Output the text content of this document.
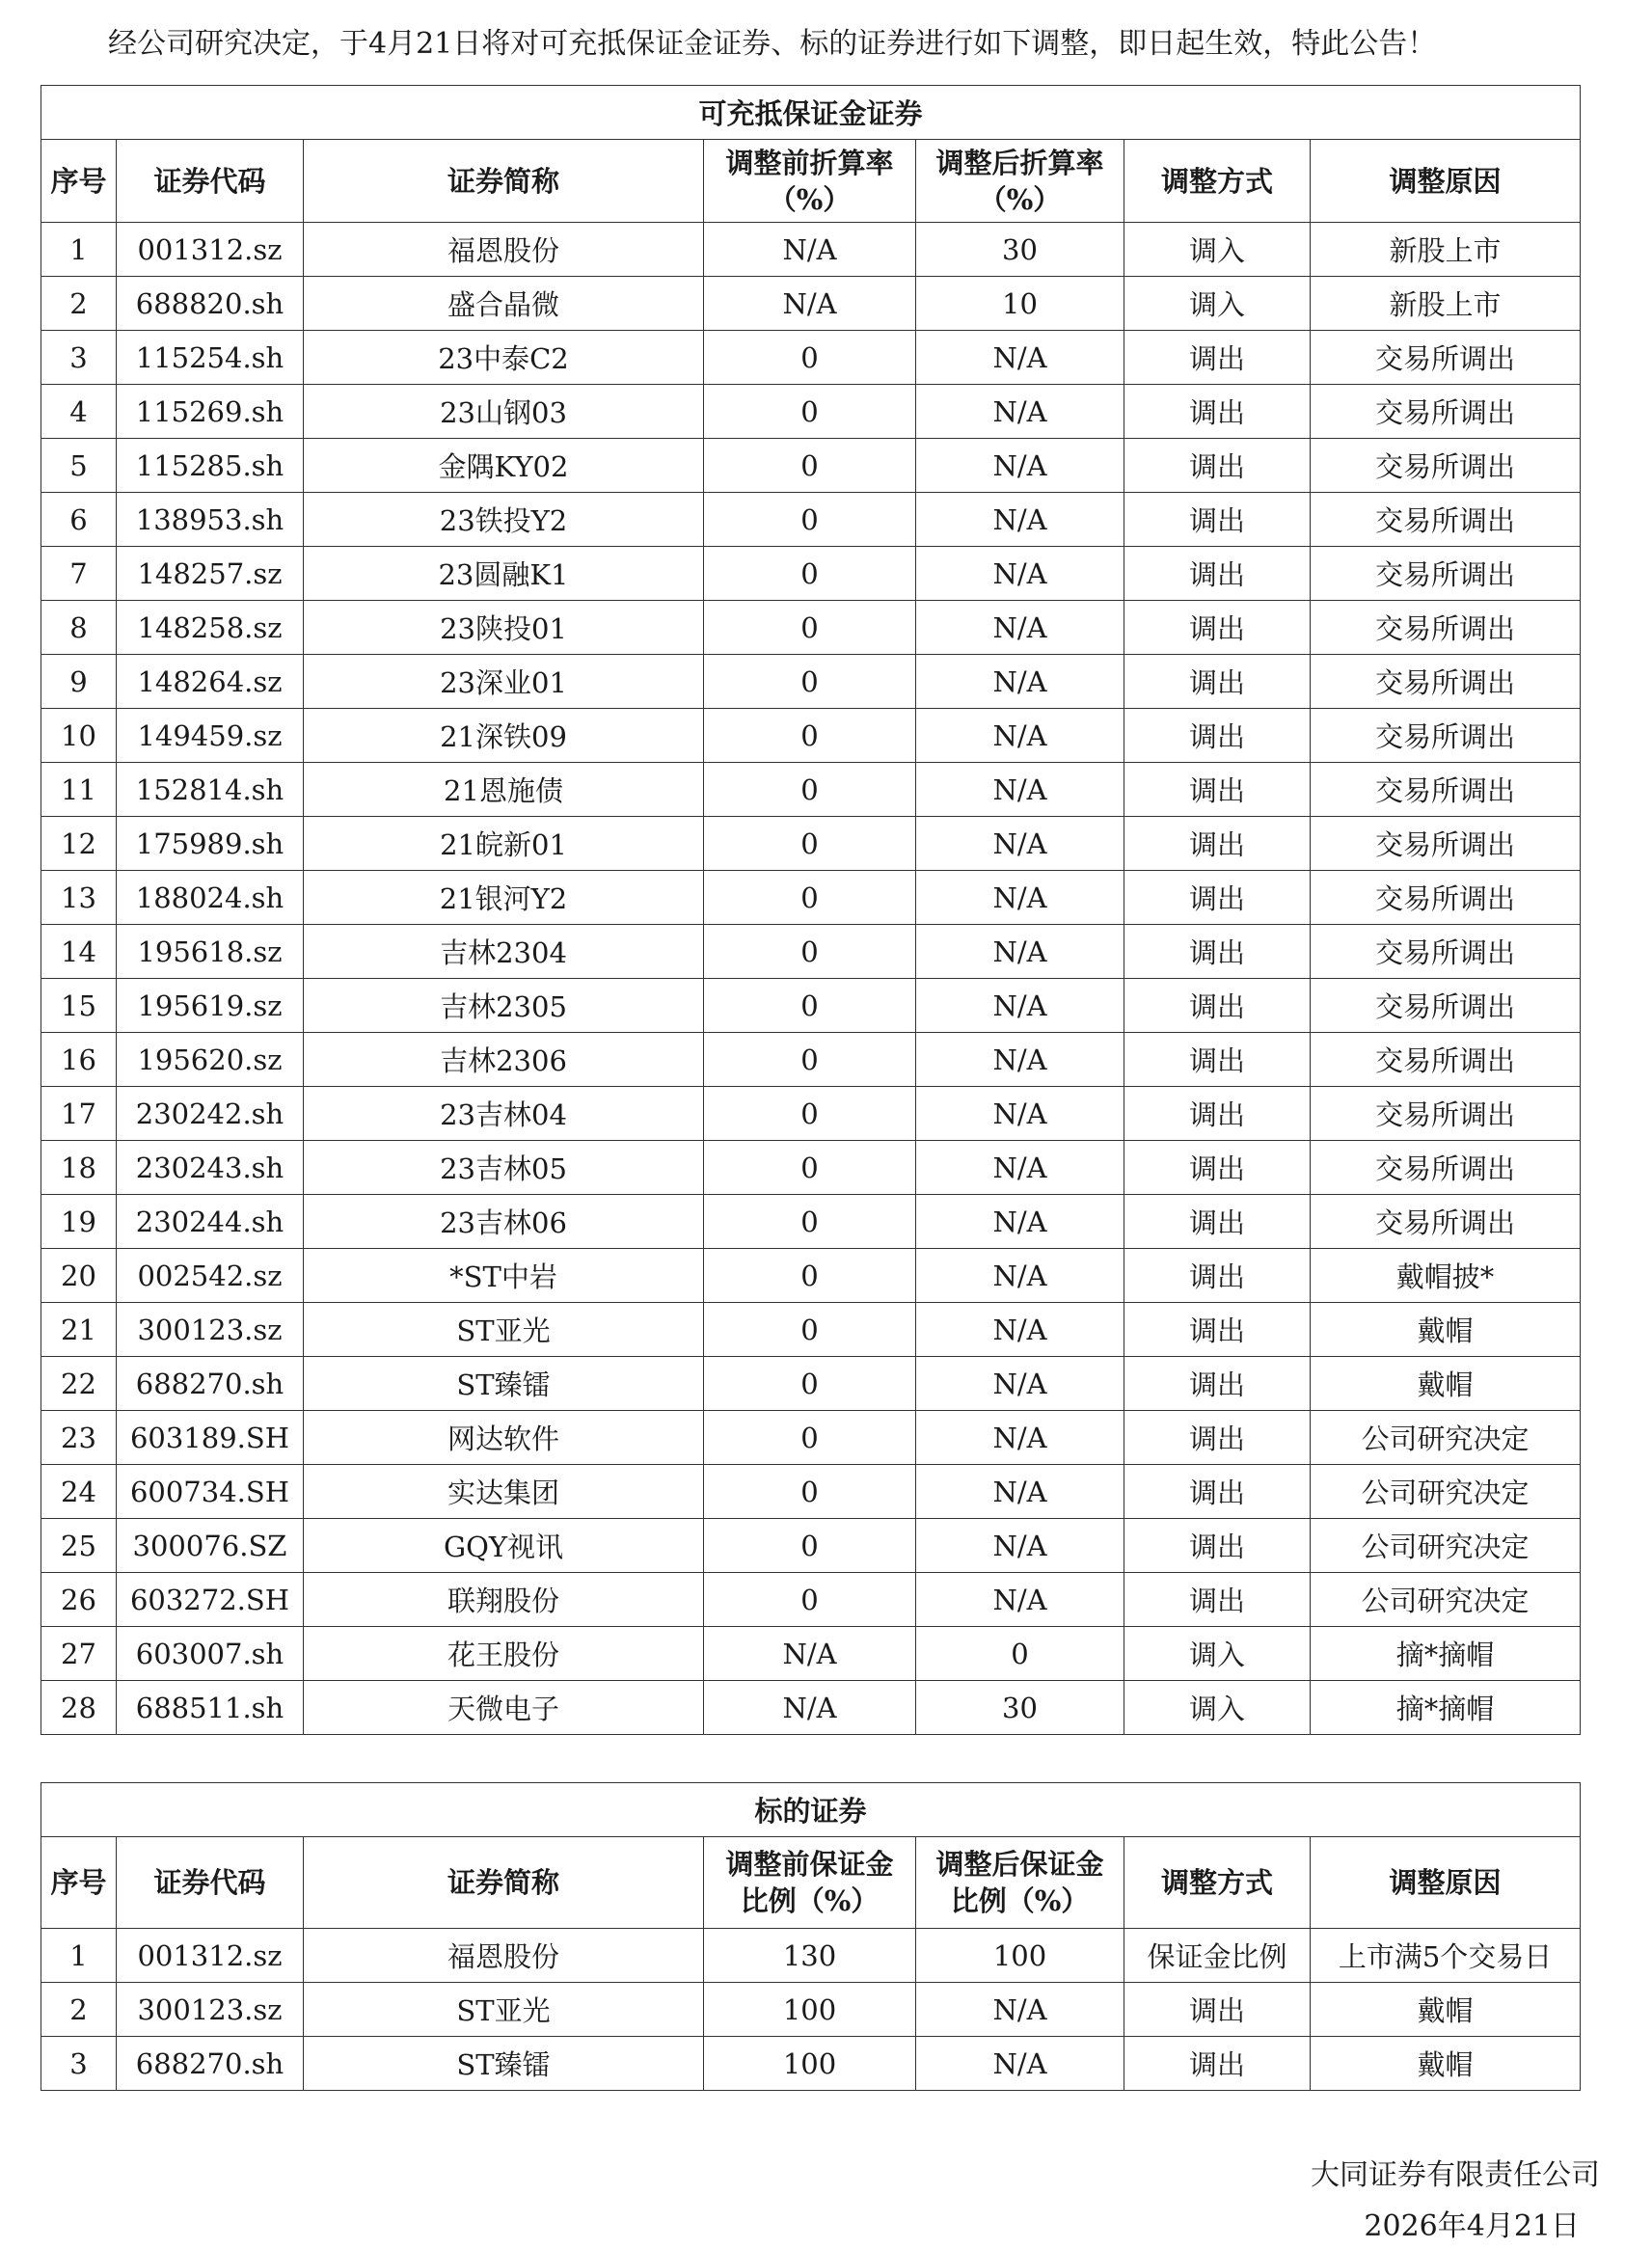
经公司研究决定，于4月21日将对可充抵保证金证券、标的证券进行如下调整，即日起生效，特此公告！
可充抵保证金证券						
序号	证券代码	证券简称	调整前折算率（%）	调整后折算率（%）	调整方式	调整原因
1	001312.sz	福恩股份	N/A	30	调入	新股上市
2	688820.sh	盛合晶微	N/A	10	调入	新股上市
3	115254.sh	23中泰C2	0	N/A	调出	交易所调出
4	115269.sh	23山钢03	0	N/A	调出	交易所调出
5	115285.sh	金隅KY02	0	N/A	调出	交易所调出
6	138953.sh	23铁投Y2	0	N/A	调出	交易所调出
7	148257.sz	23圆融K1	0	N/A	调出	交易所调出
8	148258.sz	23陕投01	0	N/A	调出	交易所调出
9	148264.sz	23深业01	0	N/A	调出	交易所调出
10	149459.sz	21深铁09	0	N/A	调出	交易所调出
11	152814.sh	21恩施债	0	N/A	调出	交易所调出
12	175989.sh	21皖新01	0	N/A	调出	交易所调出
13	188024.sh	21银河Y2	0	N/A	调出	交易所调出
14	195618.sz	吉林2304	0	N/A	调出	交易所调出
15	195619.sz	吉林2305	0	N/A	调出	交易所调出
16	195620.sz	吉林2306	0	N/A	调出	交易所调出
17	230242.sh	23吉林04	0	N/A	调出	交易所调出
18	230243.sh	23吉林05	0	N/A	调出	交易所调出
19	230244.sh	23吉林06	0	N/A	调出	交易所调出
20	002542.sz	*ST中岩	0	N/A	调出	戴帽披*
21	300123.sz	ST亚光	0	N/A	调出	戴帽
22	688270.sh	ST臻镭	0	N/A	调出	戴帽
23	603189.SH	网达软件	0	N/A	调出	公司研究决定
24	600734.SH	实达集团	0	N/A	调出	公司研究决定
25	300076.SZ	GQY视讯	0	N/A	调出	公司研究决定
26	603272.SH	联翔股份	0	N/A	调出	公司研究决定
27	603007.sh	花王股份	N/A	0	调入	摘*摘帽
28	688511.sh	天微电子	N/A	30	调入	摘*摘帽
标的证券						
序号	证券代码	证券简称	调整前保证金比例（%）	调整后保证金比例（%）	调整方式	调整原因
1	001312.sz	福恩股份	130	100	保证金比例	上市满5个交易日
2	300123.sz	ST亚光	100	N/A	调出	戴帽
3	688270.sh	ST臻镭	100	N/A	调出	戴帽
大同证券有限责任公司
2026年4月21日
